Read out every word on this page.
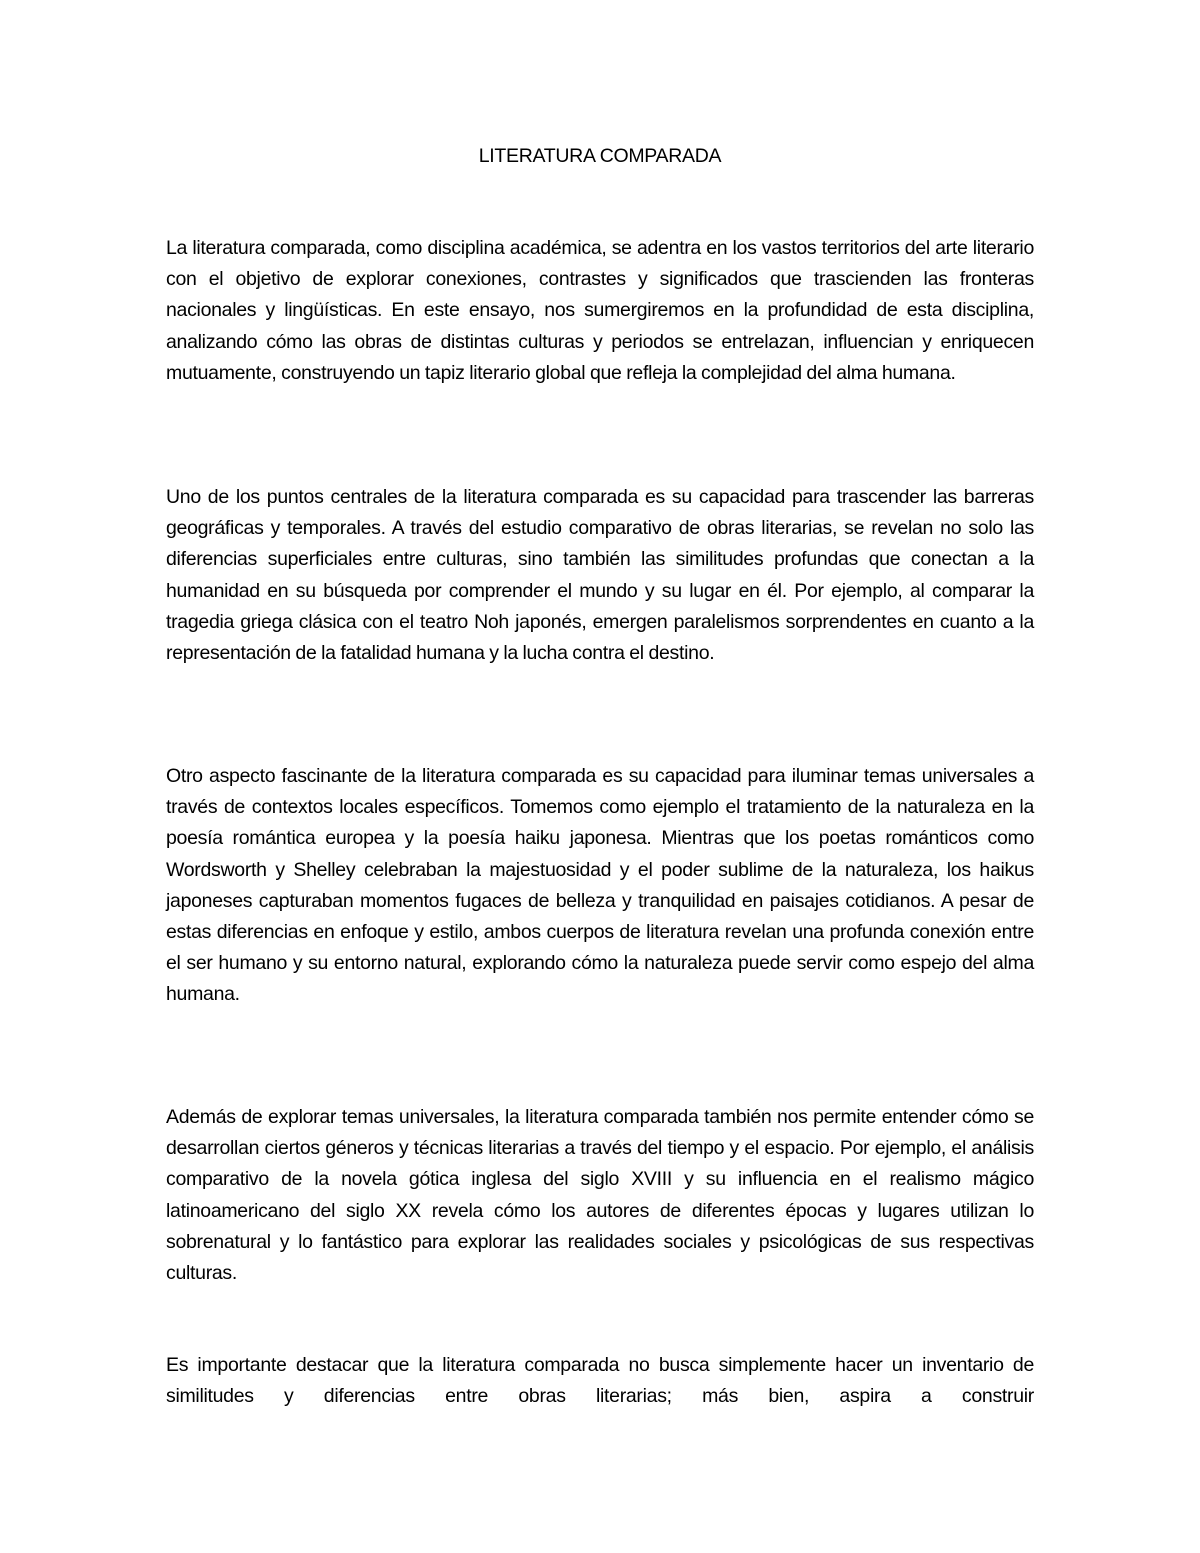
LITERATURA COMPARADA

La literatura comparada, como disciplina académica, se adentra en los vastos territorios del arte literario con el objetivo de explorar conexiones, contrastes y significados que trascienden las fronteras nacionales y lingüísticas. En este ensayo, nos sumergiremos en la profundidad de esta disciplina, analizando cómo las obras de distintas culturas y periodos se entrelazan, influencian y enriquecen mutuamente, construyendo un tapiz literario global que refleja la complejidad del alma humana.

Uno de los puntos centrales de la literatura comparada es su capacidad para trascender las barreras geográficas y temporales. A través del estudio comparativo de obras literarias, se revelan no solo las diferencias superficiales entre culturas, sino también las similitudes profundas que conectan a la humanidad en su búsqueda por comprender el mundo y su lugar en él. Por ejemplo, al comparar la tragedia griega clásica con el teatro Noh japonés, emergen paralelismos sorprendentes en cuanto a la representación de la fatalidad humana y la lucha contra el destino.

Otro aspecto fascinante de la literatura comparada es su capacidad para iluminar temas universales a través de contextos locales específicos. Tomemos como ejemplo el tratamiento de la naturaleza en la poesía romántica europea y la poesía haiku japonesa. Mientras que los poetas románticos como Wordsworth y Shelley celebraban la majestuosidad y el poder sublime de la naturaleza, los haikus japoneses capturaban momentos fugaces de belleza y tranquilidad en paisajes cotidianos. A pesar de estas diferencias en enfoque y estilo, ambos cuerpos de literatura revelan una profunda conexión entre el ser humano y su entorno natural, explorando cómo la naturaleza puede servir como espejo del alma humana.

Además de explorar temas universales, la literatura comparada también nos permite entender cómo se desarrollan ciertos géneros y técnicas literarias a través del tiempo y el espacio. Por ejemplo, el análisis comparativo de la novela gótica inglesa del siglo XVIII y su influencia en el realismo mágico latinoamericano del siglo XX revela cómo los autores de diferentes épocas y lugares utilizan lo sobrenatural y lo fantástico para explorar las realidades sociales y psicológicas de sus respectivas culturas.

Es importante destacar que la literatura comparada no busca simplemente hacer un inventario de similitudes y diferencias entre obras literarias; más bien, aspira a construir
